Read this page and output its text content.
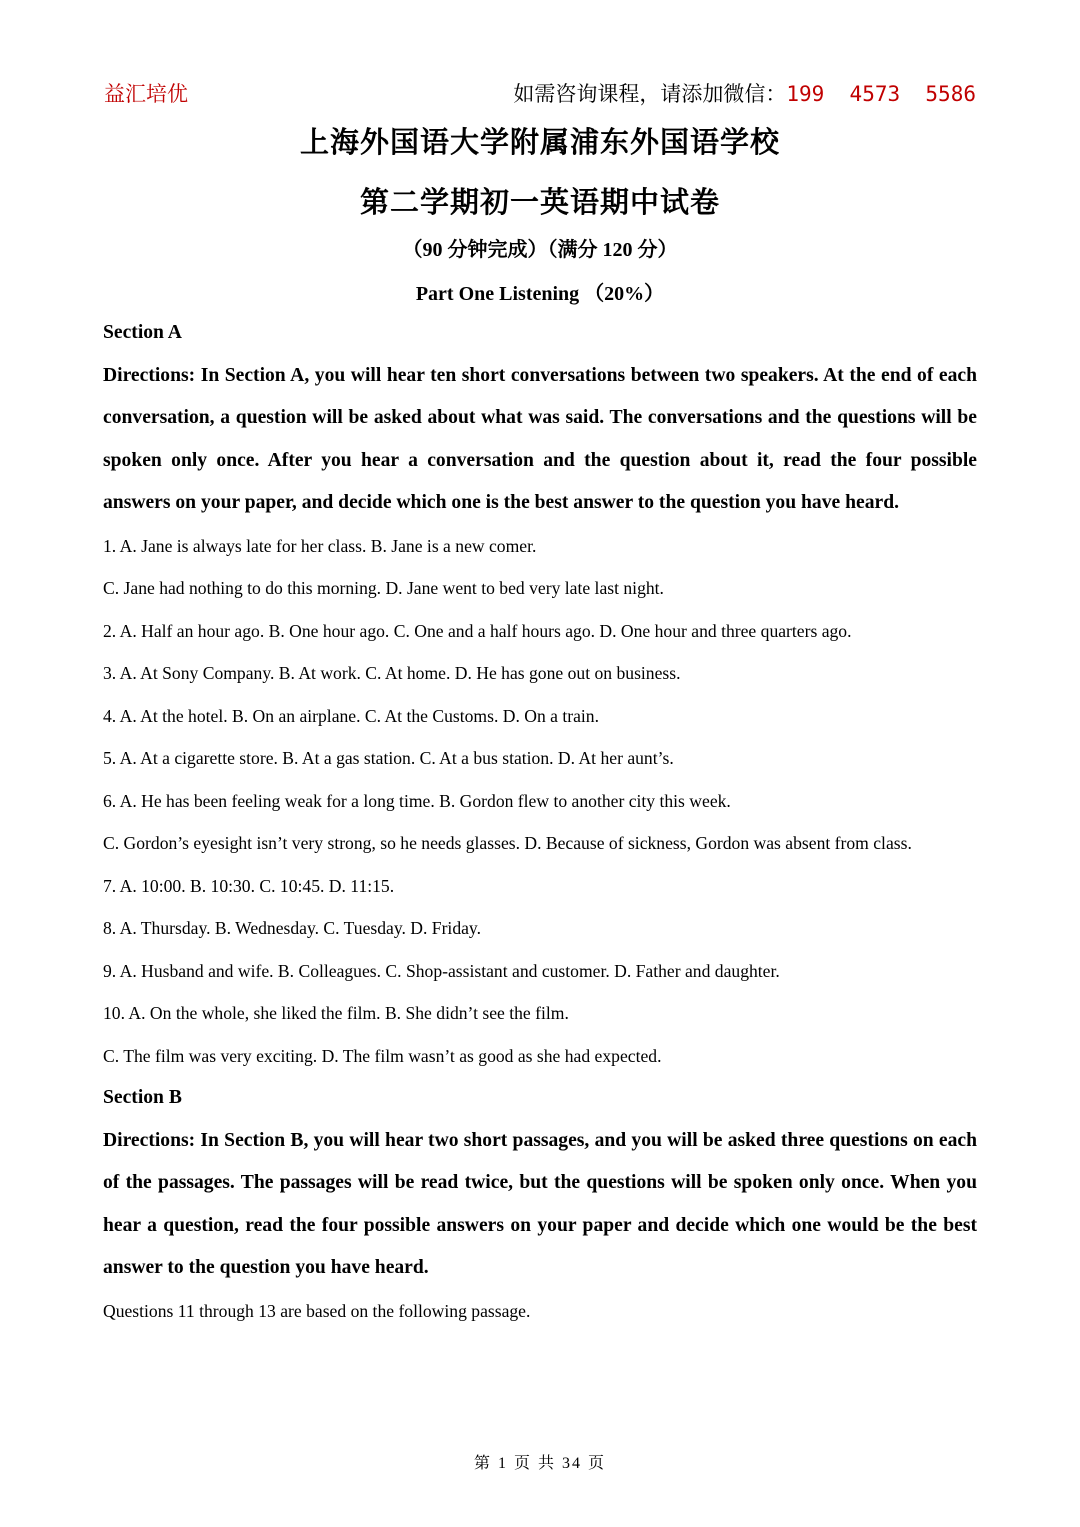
益汇培优	如需咨询课程，请添加微信：199  4573  5586
上海外国语大学附属浦东外国语学校
第二学期初一英语期中试卷
（90 分钟完成）（满分 120 分）
Part One Listening （20%）

Section A

Directions: In Section A, you will hear ten short conversations between two speakers. At the end of each conversation, a question will be asked about what was said. The conversations and the questions will be spoken only once. After you hear a conversation and the question about it, read the four possible answers on your paper, and decide which one is the best answer to the question you have heard.

1. A. Jane is always late for her class. B. Jane is a new comer.

C. Jane had nothing to do this morning. D. Jane went to bed very late last night.

2. A. Half an hour ago. B. One hour ago. C. One and a half hours ago. D. One hour and three quarters ago.

3. A. At Sony Company. B. At work. C. At home. D. He has gone out on business.

4. A. At the hotel. B. On an airplane. C. At the Customs. D. On a train.

5. A. At a cigarette store. B. At a gas station. C. At a bus station. D. At her aunt’s.

6. A. He has been feeling weak for a long time. B. Gordon flew to another city this week.

C. Gordon’s eyesight isn’t very strong, so he needs glasses. D. Because of sickness, Gordon was absent from class.

7. A. 10:00. B. 10:30. C. 10:45. D. 11:15.

8. A. Thursday. B. Wednesday. C. Tuesday. D. Friday.

9. A. Husband and wife. B. Colleagues. C. Shop-assistant and customer. D. Father and daughter.

10. A. On the whole, she liked the film. B. She didn’t see the film.

C. The film was very exciting. D. The film wasn’t as good as she had expected.

Section B

Directions: In Section B, you will hear two short passages, and you will be asked three questions on each of the passages. The passages will be read twice, but the questions will be spoken only once. When you hear a question, read the four possible answers on your paper and decide which one would be the best answer to the question you have heard.

Questions 11 through 13 are based on the following passage.

第 1 页 共 34 页
